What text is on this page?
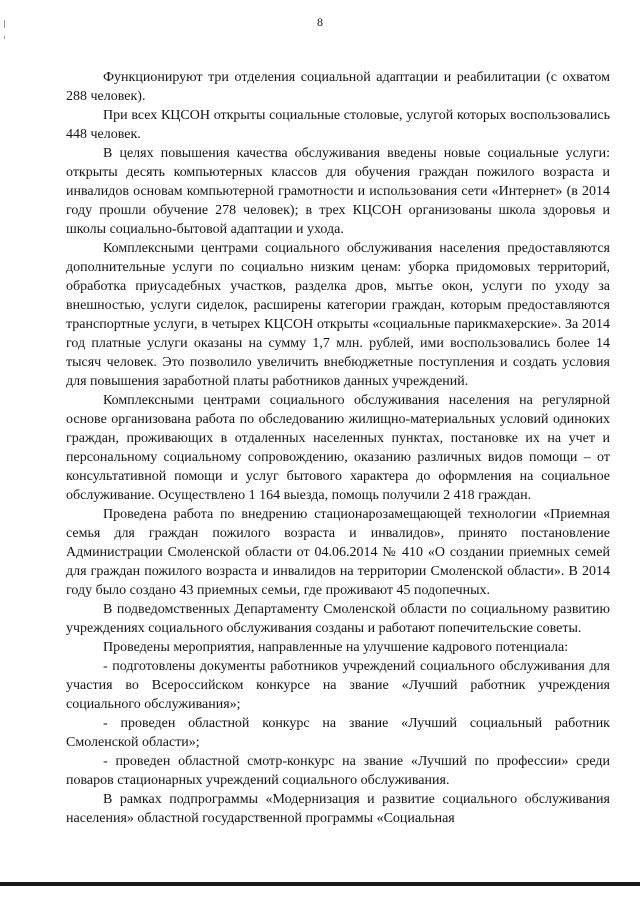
8

Функционируют три отделения социальной адаптации и реабилитации (с охватом 288 человек).

При всех КЦСОН открыты социальные столовые, услугой которых воспользовались 448 человек.

В целях повышения качества обслуживания введены новые социальные услуги: открыты десять компьютерных классов для обучения граждан пожилого возраста и инвалидов основам компьютерной грамотности и использования сети «Интернет» (в 2014 году прошли обучение 278 человек); в трех КЦСОН организованы школа здоровья и школы социально-бытовой адаптации и ухода.

Комплексными центрами социального обслуживания населения предоставляются дополнительные услуги по социально низким ценам: уборка придомовых территорий, обработка приусадебных участков, разделка дров, мытье окон, услуги по уходу за внешностью, услуги сиделок, расширены категории граждан, которым предоставляются транспортные услуги, в четырех КЦСОН открыты «социальные парикмахерские». За 2014 год платные услуги оказаны на сумму 1,7 млн. рублей, ими воспользовались более 14 тысяч человек. Это позволило увеличить внебюджетные поступления и создать условия для повышения заработной платы работников данных учреждений.

Комплексными центрами социального обслуживания населения на регулярной основе организована работа по обследованию жилищно-материальных условий одиноких граждан, проживающих в отдаленных населенных пунктах, постановке их на учет и персональному социальному сопровождению, оказанию различных видов помощи – от консультативной помощи и услуг бытового характера до оформления на социальное обслуживание. Осуществлено 1 164 выезда, помощь получили 2 418 граждан.

Проведена работа по внедрению стационарозамещающей технологии «Приемная семья для граждан пожилого возраста и инвалидов», принято постановление Администрации Смоленской области от 04.06.2014 № 410 «О создании приемных семей для граждан пожилого возраста и инвалидов на территории Смоленской области». В 2014 году было создано 43 приемных семьи, где проживают 45 подопечных.

В подведомственных Департаменту Смоленской области по социальному развитию учреждениях социального обслуживания созданы и работают попечительские советы.

Проведены мероприятия, направленные на улучшение кадрового потенциала:

- подготовлены документы работников учреждений социального обслуживания для участия во Всероссийском конкурсе на звание «Лучший работник учреждения социального обслуживания»;

- проведен областной конкурс на звание «Лучший социальный работник Смоленской области»;

- проведен областной смотр-конкурс на звание «Лучший по профессии» среди поваров стационарных учреждений социального обслуживания.

В рамках подпрограммы «Модернизация и развитие социального обслуживания населения» областной государственной программы «Социальная
